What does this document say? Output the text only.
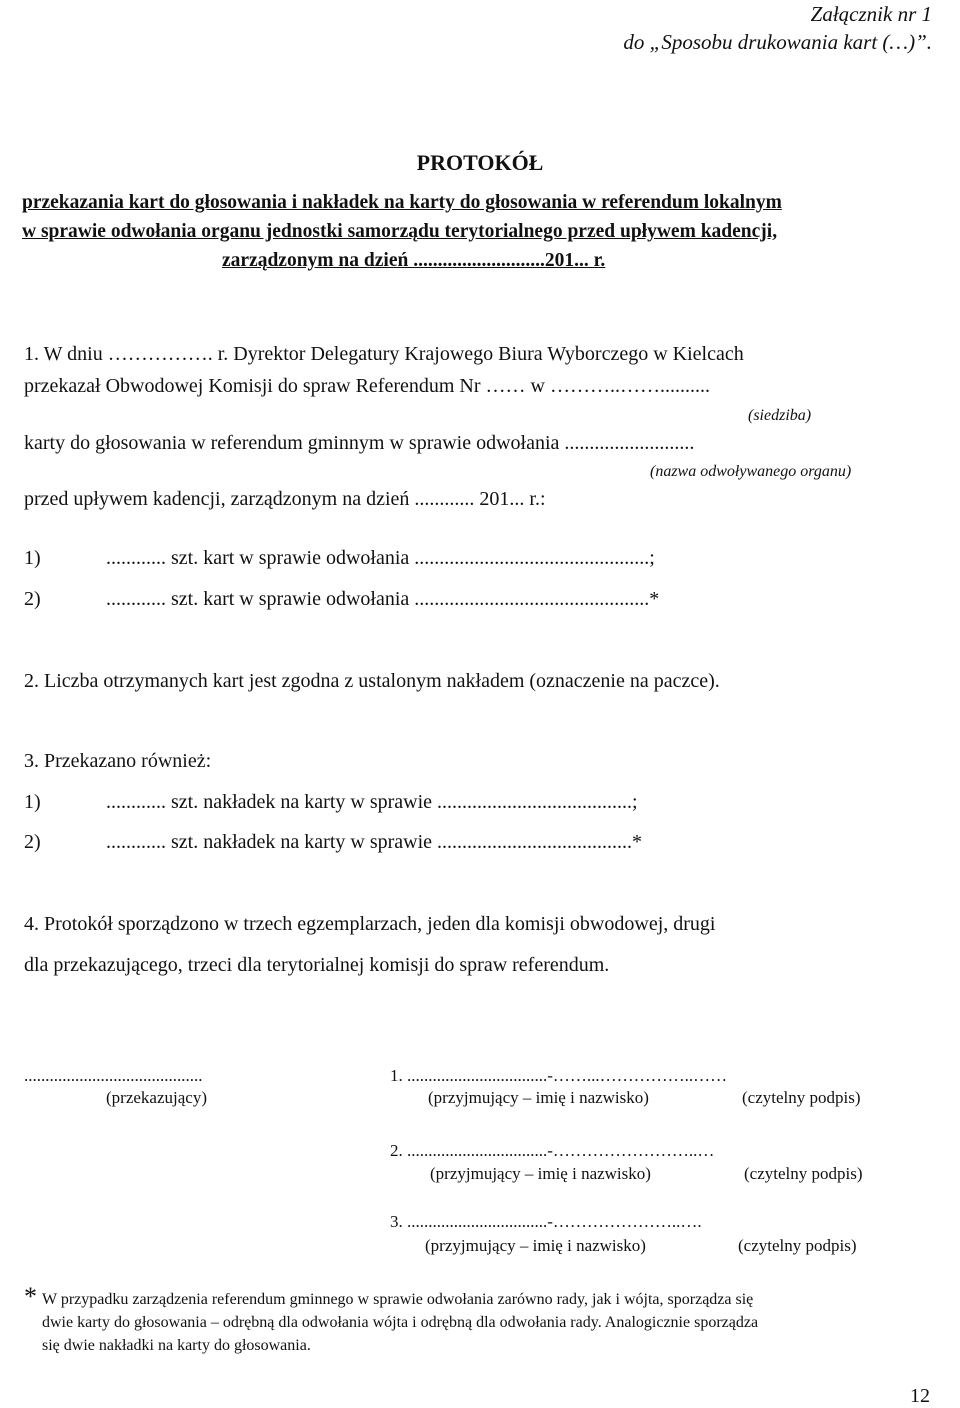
Załącznik nr 1
do „Sposobu drukowania kart (…)”.
PROTOKÓŁ
przekazania kart do głosowania i nakładek na karty do głosowania w referendum lokalnym
w sprawie odwołania organu jednostki samorządu terytorialnego przed upływem kadencji,
zarządzonym na dzień ...........................201... r.
1. W dniu ……………. r. Dyrektor Delegatury Krajowego Biura Wyborczego w Kielcach
przekazał Obwodowej Komisji do spraw Referendum Nr …… w ………..……..........
(siedziba)
karty do głosowania w referendum gminnym w sprawie odwołania ..........................
(nazwa odwoływanego organu)
przed upływem kadencji, zarządzonym na dzień ............ 201... r.:
1)	............ szt. kart w sprawie odwołania ...............................................;
2)	............ szt. kart w sprawie odwołania ...............................................*
2. Liczba otrzymanych kart jest zgodna z ustalonym nakładem (oznaczenie na paczce).
3. Przekazano również:
1)	............ szt. nakładek na karty w sprawie .......................................;
2)	............ szt. nakładek na karty w sprawie .......................................*
4. Protokół sporządzono w trzech egzemplarzach, jeden dla komisji obwodowej, drugi
dla przekazującego, trzeci dla terytorialnej komisji do spraw referendum.
..........................................
(przekazujący)
1. .................................-……...……………..……
(przyjmujący – imię i nazwisko)	(czytelny podpis)
2. .................................-……………………..…
(przyjmujący – imię i nazwisko)	(czytelny podpis)
3. .................................-…………………..….
(przyjmujący – imię i nazwisko)	(czytelny podpis)
* W przypadku zarządzenia referendum gminnego w sprawie odwołania zarówno rady, jak i wójta, sporządza się
dwie karty do głosowania – odrębną dla odwołania wójta i odrębną dla odwołania rady. Analogicznie sporządza
się dwie nakładki na karty do głosowania.
12
